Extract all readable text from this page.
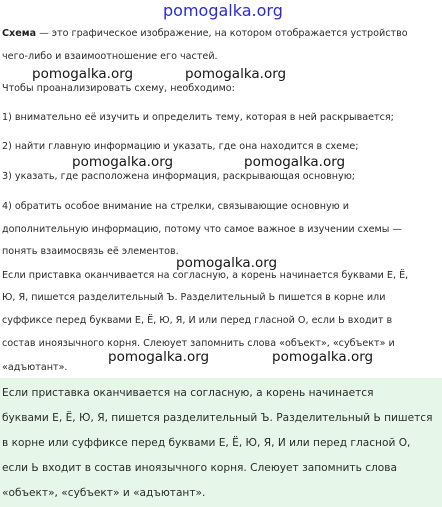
pomogalka.org

Схема — это графическое изображение, на котором отображается устройство

чего-либо и взаимоотношение его частей.

pomogalka.org	pomogalka.org

Чтобы проанализировать схему, необходимо:

1) внимательно её изучить и определить тему, которая в ней раскрывается;

2) найти главную информацию и указать, где она находится в схеме;

pomogalka.org	pomogalka.org

3) указать, где расположена информация, раскрывающая основную;

4) обратить особое внимание на стрелки, связывающие основную и

дополнительную информацию, потому что самое важное в изучении схемы —

понять взаимосвязь её элементов.

pomogalka.org

Если приставка оканчивается на согласную, а корень начинается буквами Е, Ё,

Ю, Я, пишется разделительный Ъ. Разделительный Ь пишется в корне или

суффиксе перед буквами Е, Ё, Ю, Я, И или перед гласной О, если Ь входит в

состав иноязычного корня. Слеюует запомнить слова «объект», «субъект» и

pomogalka.org	pomogalka.org

«адъютант».

Если приставка оканчивается на согласную, а корень начинается

буквами Е, Ё, Ю, Я, пишется разделительный Ъ. Разделительный Ь пишется

в корне или суффиксе перед буквами Е, Ё, Ю, Я, И или перед гласной О,

если Ь входит в состав иноязычного корня. Слеюует запомнить слова

«объект», «субъект» и «адъютант».
